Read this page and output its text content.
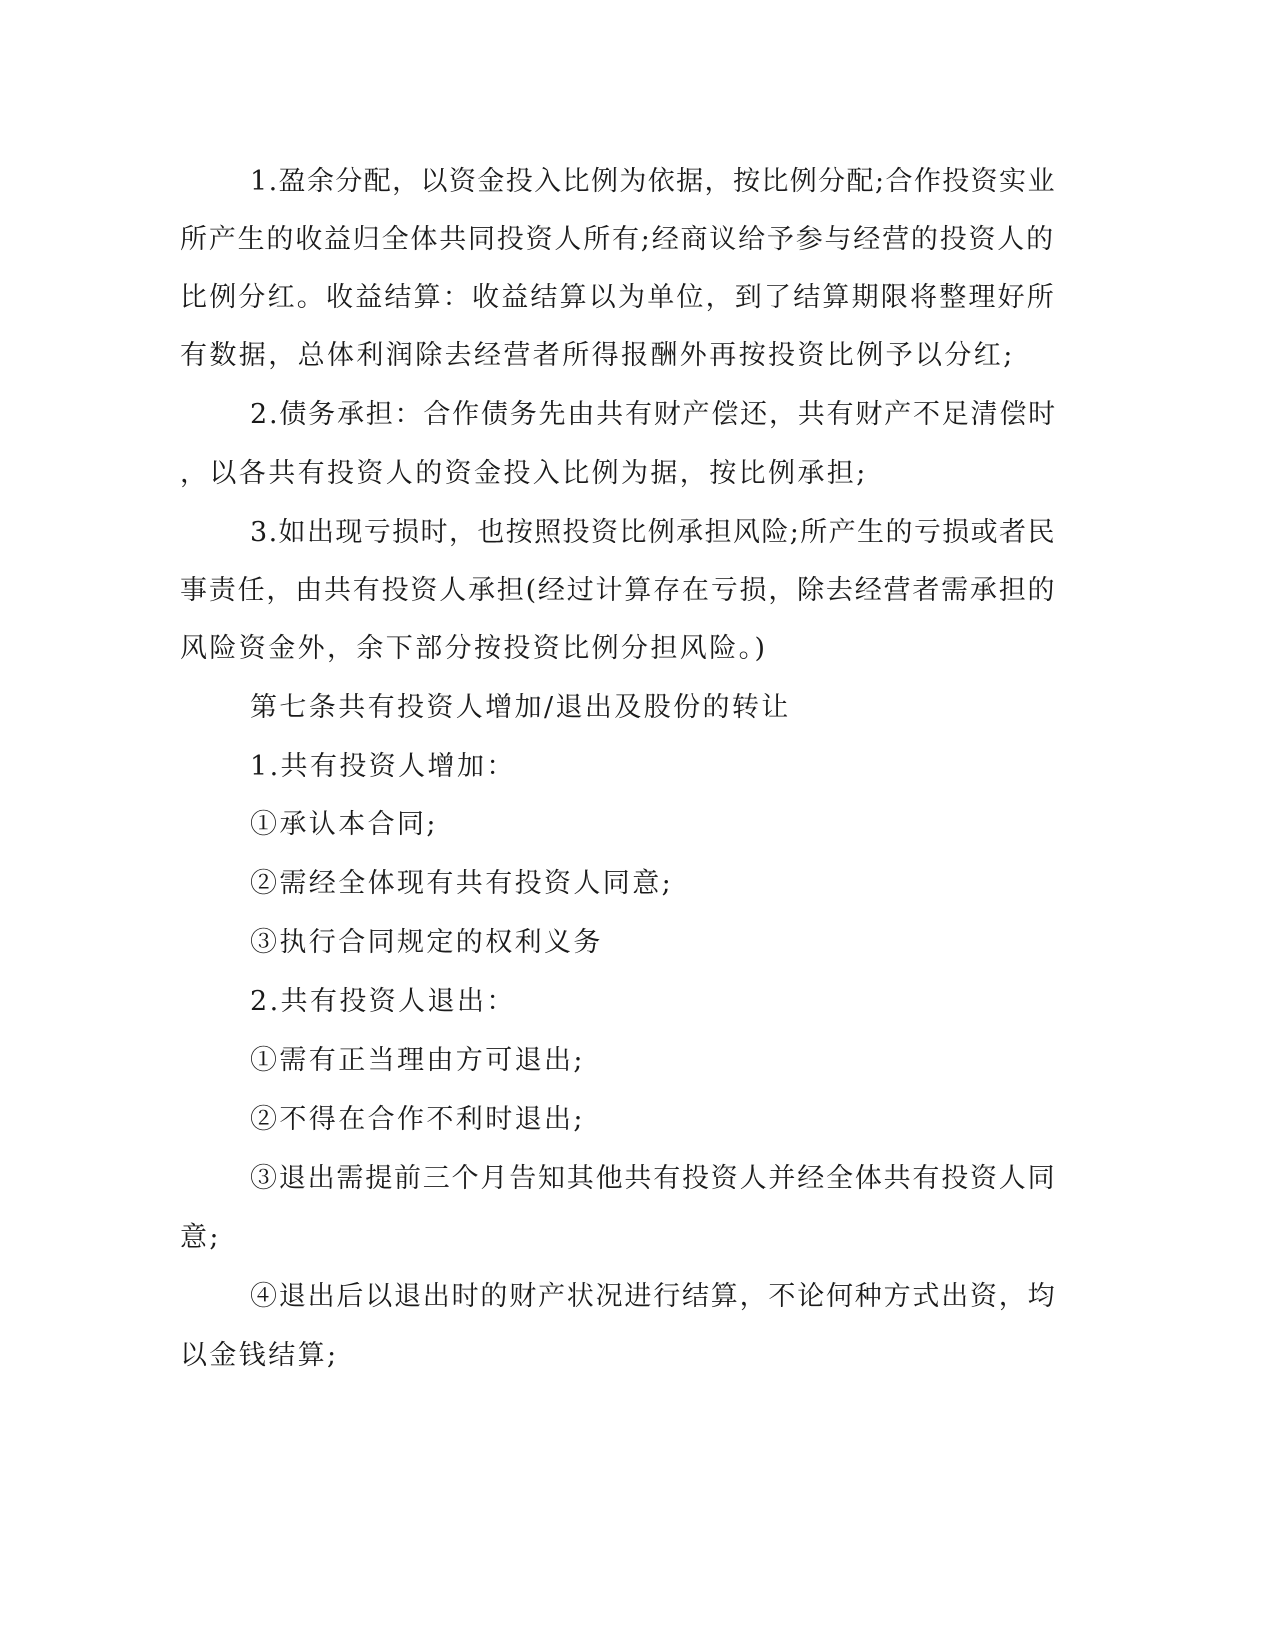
1.盈余分配，以资金投入比例为依据，按比例分配;合作投资实业
所产生的收益归全体共同投资人所有;经商议给予参与经营的投资人的
比例分红。收益结算：收益结算以为单位，到了结算期限将整理好所
有数据，总体利润除去经营者所得报酬外再按投资比例予以分红;
2.债务承担：合作债务先由共有财产偿还，共有财产不足清偿时
，以各共有投资人的资金投入比例为据，按比例承担;
3.如出现亏损时，也按照投资比例承担风险;所产生的亏损或者民
事责任，由共有投资人承担(经过计算存在亏损，除去经营者需承担的
风险资金外，余下部分按投资比例分担风险。)
第七条共有投资人增加/退出及股份的转让
1.共有投资人增加：
①承认本合同;
②需经全体现有共有投资人同意;
③执行合同规定的权利义务
2.共有投资人退出：
①需有正当理由方可退出;
②不得在合作不利时退出;
③退出需提前三个月告知其他共有投资人并经全体共有投资人同
意;
④退出后以退出时的财产状况进行结算，不论何种方式出资，均
以金钱结算;
